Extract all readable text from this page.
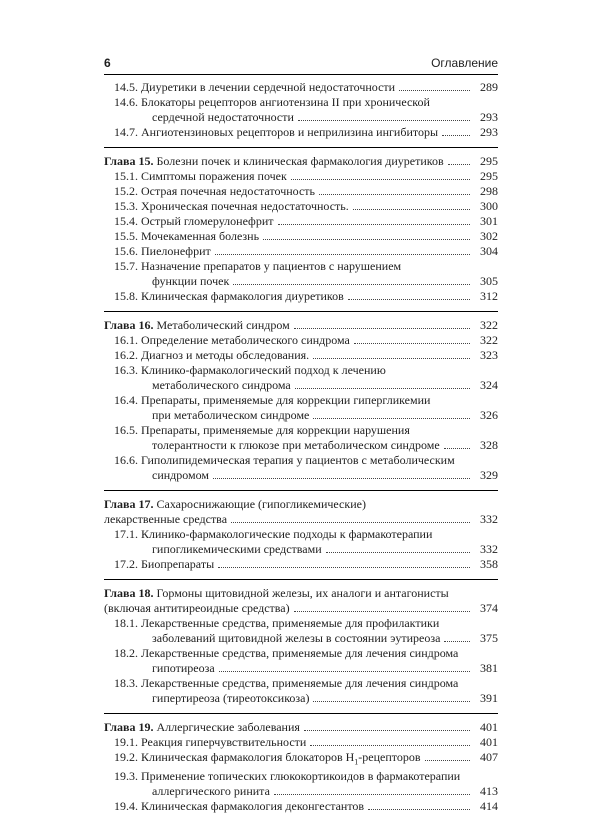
6	Оглавление
14.5. Диуретики в лечении сердечной недостаточности	289
14.6. Блокаторы рецепторов ангиотензина II при хронической
сердечной недостаточности	293
14.7. Ангиотензиновых рецепторов и неприлизина ингибиторы	293
Глава 15. Болезни почек и клиническая фармакология диуретиков	295
15.1. Симптомы поражения почек	295
15.2. Острая почечная недостаточность	298
15.3. Хроническая почечная недостаточность.	300
15.4. Острый гломерулонефрит	301
15.5. Мочекаменная болезнь	302
15.6. Пиелонефрит	304
15.7. Назначение препаратов у пациентов с нарушением
функции почек	305
15.8. Клиническая фармакология диуретиков	312
Глава 16. Метаболический синдром	322
16.1. Определение метаболического синдрома	322
16.2. Диагноз и методы обследования.	323
16.3. Клинико-фармакологический подход к лечению
метаболического синдрома	324
16.4. Препараты, применяемые для коррекции гипергликемии
при метаболическом синдроме	326
16.5. Препараты, применяемые для коррекции нарушения
толерантности к глюкозе при метаболическом синдроме	328
16.6. Гиполипидемическая терапия у пациентов с метаболическим
синдромом	329
Глава 17. Сахароснижающие (гипогликемические)
лекарственные средства	332
17.1. Клинико-фармакологические подходы к фармакотерапии
гипогликемическими средствами	332
17.2. Биопрепараты	358
Глава 18. Гормоны щитовидной железы, их аналоги и антагонисты
(включая антитиреоидные средства)	374
18.1. Лекарственные средства, применяемые для профилактики
заболеваний щитовидной железы в состоянии эутиреоза	375
18.2. Лекарственные средства, применяемые для лечения синдрома
гипотиреоза	381
18.3. Лекарственные средства, применяемые для лечения синдрома
гипертиреоза (тиреотоксикоза)	391
Глава 19. Аллергические заболевания	401
19.1. Реакция гиперчувствительности	401
19.2. Клиническая фармакология блокаторов $H_1$-рецепторов	407
19.3. Применение топических глюкокортикоидов в фармакотерапии
аллергического ринита	413
19.4. Клиническая фармакология деконгестантов	414
